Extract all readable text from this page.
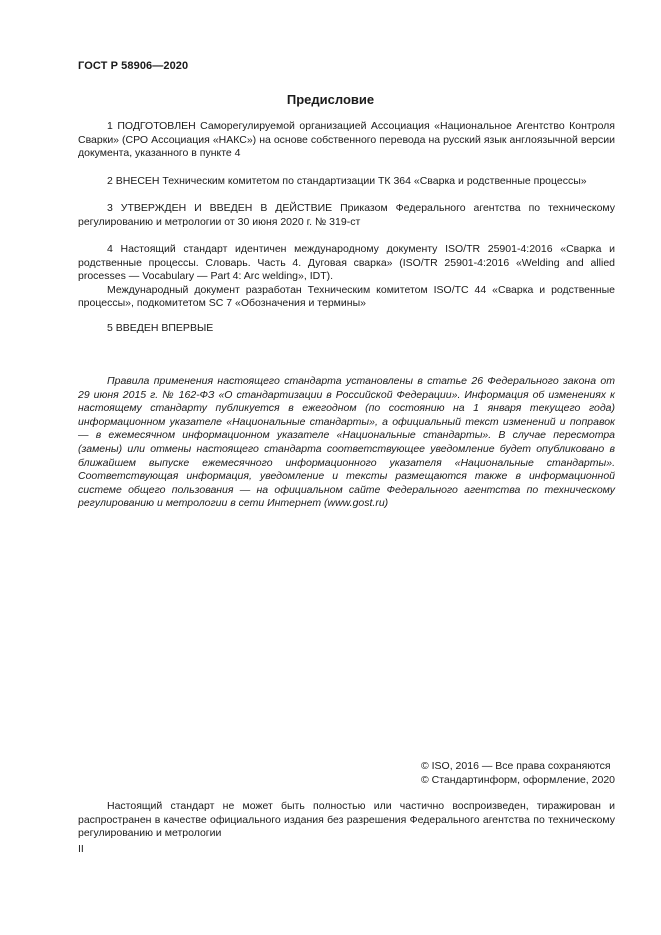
ГОСТ Р 58906—2020
Предисловие

1 ПОДГОТОВЛЕН Саморегулируемой организацией Ассоциация «Национальное Агентство Контроля Сварки» (СРО Ассоциация «НАКС») на основе собственного перевода на русский язык англоязычной версии документа, указанного в пункте 4

2 ВНЕСЕН Техническим комитетом по стандартизации ТК 364 «Сварка и родственные процессы»

3 УТВЕРЖДЕН И ВВЕДЕН В ДЕЙСТВИЕ Приказом Федерального агентства по техническому регулированию и метрологии от 30 июня 2020 г. № 319-ст

4 Настоящий стандарт идентичен международному документу ISO/TR 25901-4:2016 «Сварка и родственные процессы. Словарь. Часть 4. Дуговая сварка» (ISO/TR 25901-4:2016 «Welding and allied processes — Vocabulary — Part 4: Arc welding», IDT).

Международный документ разработан Техническим комитетом ISO/TC 44 «Сварка и родственные процессы», подкомитетом SC 7 «Обозначения и термины»

5 ВВЕДЕН ВПЕРВЫЕ

Правила применения настоящего стандарта установлены в статье 26 Федерального закона от 29 июня 2015 г. № 162-ФЗ «О стандартизации в Российской Федерации». Информация об изменениях к настоящему стандарту публикуется в ежегодном (по состоянию на 1 января текущего года) информационном указателе «Национальные стандарты», а официальный текст изменений и поправок — в ежемесячном информационном указателе «Национальные стандарты». В случае пересмотра (замены) или отмены настоящего стандарта соответствующее уведомление будет опубликовано в ближайшем выпуске ежемесячного информационного указателя «Национальные стандарты». Соответствующая информация, уведомление и тексты размещаются также в информационной системе общего пользования — на официальном сайте Федерального агентства по техническому регулированию и метрологии в сети Интернет (www.gost.ru)

© ISO, 2016 — Все права сохраняются
© Стандартинформ, оформление, 2020

Настоящий стандарт не может быть полностью или частично воспроизведен, тиражирован и распространен в качестве официального издания без разрешения Федерального агентства по техническому регулированию и метрологии

II
